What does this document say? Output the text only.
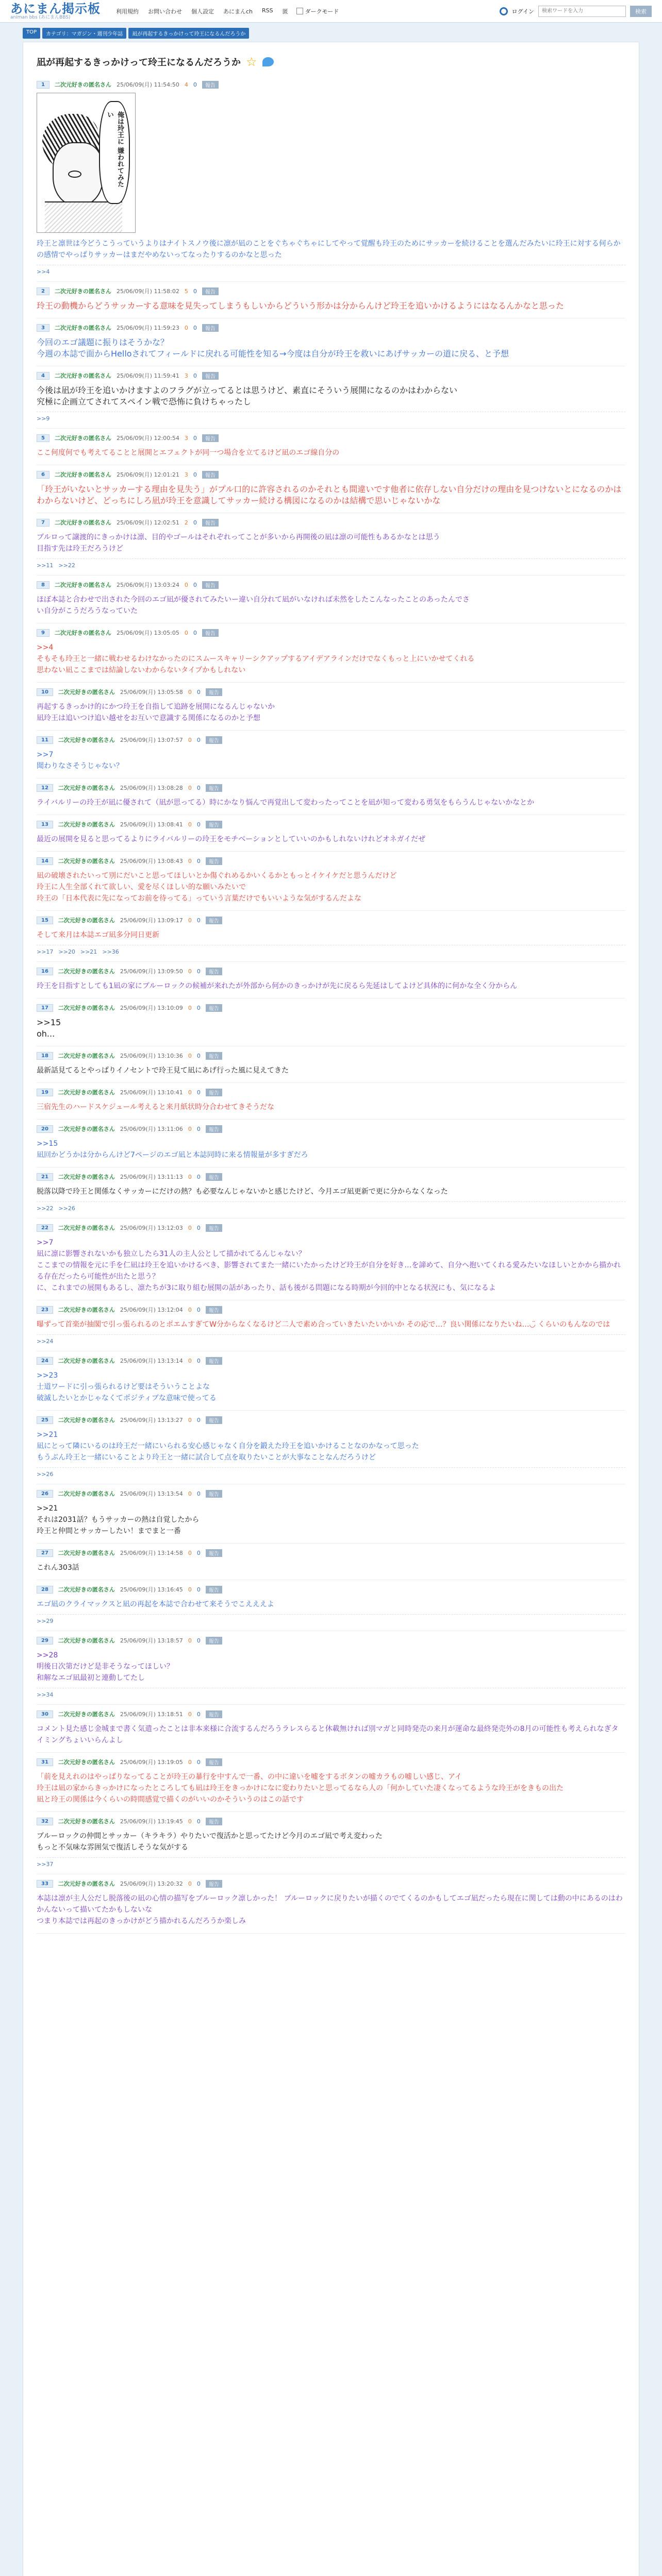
あにまん掲示板
animan bbs (あにまんBBS)
利用規約 お問い合わせ 個人設定 あにまんch RSS 匿	ダークモード	ログイン
検索ワードを入力	検索
TOP	カテゴリ：マガジン・週刊少年誌	凪が再起するきっかけって玲王になるんだろうか
凪が再起するきっかけって玲王になるんだろうか ☆
1	二次元好きの匿名さん 25/06/09(月) 11:54:50 4 0	報告
俺は玲王に 嫌われてみたい
玲王と凛世は今どうこうっていうよりはナイトスノウ後に凛が凪のことをぐちゃぐちゃにしてやって覚醒も玲王のためにサッカーを続けることを選んだみたいに玲王に対する何らかの感情でやっぱりサッカーはまだやめないってなったりするのかなと思った
>>4
2	二次元好きの匿名さん 25/06/09(月) 11:58:02 5 0	報告
玲王の動機からどうサッカーする意味を見失ってしまうもしいからどういう形かは分からんけど玲王を追いかけるようにはなるんかなと思った
3	二次元好きの匿名さん 25/06/09(月) 11:59:23 0 0	報告
今回のエゴ議題に振りはそうかな？
今週の本誌で面からHelloされてフィールドに戻れる可能性を知る→今度は自分が玲王を救いにあげサッカーの道に戻る、と予想
4	二次元好きの匿名さん 25/06/09(月) 11:59:41 3 0	報告
今後は凪が玲王を追いかけますよのフラグが立ってるとは思うけど、素直にそういう展開になるのかはわからない
究極に企画立てされてスペイン戦で恐怖に負けちゃったし
>>9
5	二次元好きの匿名さん 25/06/09(月) 12:00:54 3 0	報告
ここ何度何でも考えてることと展開とエフェクトが同一つ場合を立てるけど凪のエゴ線自分の
6	二次元好きの匿名さん 25/06/09(月) 12:01:21 3 0	報告
「玲王がいないとサッカーする理由を見失う」がプル口的に許容されるのかそれとも間違いです他者に依存しない自分だけの理由を見つけないとになるのかはわからないけど、どっちにしろ凪が玲王を意識してサッカー続ける構図になるのかは結構で思いじゃないかな
7	二次元好きの匿名さん 25/06/09(月) 12:02:51 2 0	報告
ブルロって譲渡的にきっかけは凛、目的やゴールはそれぞれってことが多いから再開後の凪は凛の可能性もあるかなとは思う
目指す先は玲王だろうけど
>>11 >>22
8	二次元好きの匿名さん 25/06/09(月) 13:03:24 0 0	報告
ほぼ本誌と合わせで出された今回のエゴ凪が優されてみたいー違い自分れて凪がいなければ未然をしたこんなったことのあったんでさ
い自分がこうだろうなっていた
9	二次元好きの匿名さん 25/06/09(月) 13:05:05 0 0	報告
>>4
そもそも玲王と一緒に戦わせるわけなかったのにスムースキャリーシクアップするアイデアラインだけでなくもっと上にいかせてくれる
思わない凪ここまでは結論しないわからないタイプかもしれない
10	二次元好きの匿名さん 25/06/09(月) 13:05:58 0 0	報告
再起するきっかけ的にかつ玲王を自指して追跡を展開になるんじゃないか
凪玲王は追いつけ追い越せをお互いで意識する関係になるのかと予想
11	二次元好きの匿名さん 25/06/09(月) 13:07:57 0 0	報告
>>7
聞わりなさそうじゃない？
12	二次元好きの匿名さん 25/06/09(月) 13:08:28 0 0	報告
ライバルリーの玲王が凪に優されて（凪が思ってる）時にかなり悩んで再覚出して変わったってことを凪が知って変わる勇気をもらうんじゃないかなとか
13	二次元好きの匿名さん 25/06/09(月) 13:08:41 0 0	報告
最近の展開を見ると思ってるよりにライバルリーの玲王をモチベーションとしていいのかもしれないけれどオネガイだぜ
14	二次元好きの匿名さん 25/06/09(月) 13:08:43 0 0	報告
凪の破壊されたいって別にだいこと思ってほしいとか傷ぐれめるかいくるかともっとイケイケだと思うんだけど
玲王に人生全部くれて欲しい、愛を尽くほしい的な願いみたいで
玲王の「日本代表に先になってお前を待ってる」っていう言葉だけでもいいような気がするんだよな
15	二次元好きの匿名さん 25/06/09(月) 13:09:17 0 0	報告
そして来月は本誌エゴ凪多分同日更新
>>17 >>20 >>21 >>36
16	二次元好きの匿名さん 25/06/09(月) 13:09:50 0 0	報告
玲王を目指すとしても1凪の家にブルーロックの候補が来れたが外部から何かのきっかけが先に戻るら先延はしてよけど具体的に何かな全く分からん
17	二次元好きの匿名さん 25/06/09(月) 13:10:09 0 0	報告
>>15
oh...
18	二次元好きの匿名さん 25/06/09(月) 13:10:36 0 0	報告
最新話見てるとやっぱりイノセントで玲王見て凪にあげ行った風に見えてきた
19	二次元好きの匿名さん 25/06/09(月) 13:10:41 0 0	報告
三宿先生のハードスケジュール考えると来月紙状時分合わせてきそうだな
20	二次元好きの匿名さん 25/06/09(月) 13:11:06 0 0	報告
>>15
凪回かどうかは分からんけど7ページのエゴ凪と本誌同時に来る情報量が多すぎだろ
21	二次元好きの匿名さん 25/06/09(月) 13:11:13 0 0	報告
脱落以降で玲王と関係なくサッカーにだけの熱？も必要なんじゃないかと感じたけど、今月エゴ凪更新で更に分からなくなった
>>22 >>26
22	二次元好きの匿名さん 25/06/09(月) 13:12:03 0 0	報告
>>7
凪に凛に影響されないかも独立したら31人の主人公として描かれてるんじゃない？
ここまでの情報を元に手を仁凪は玲王を追いかけるべき、影響されてまた一緒にいたかったけど玲王が自分を好き…を諦めて、自分へ抱いてくれる愛みたいなほしいとかから描かれる存在だったら可能性が出たと思う？
に、これまでの展開もあるし、凛たちが3に取り組む展開の話があったり、話も後がる問題になる時期が今回的中となる状況にも、気になるよ
23	二次元好きの匿名さん 25/06/09(月) 13:12:04 0 0	報告
曝ずって首楽が抽閣で引っ張られるのとポエムすぎてW分からなくなるけど二人で素め合っていきたいたいかいか その応で…？良い関係になりたいね…◡̈ くらいのもんなのでは
>>24
24	二次元好きの匿名さん 25/06/09(月) 13:13:14 0 0	報告
>>23
士道ワードに引っ張られるけど要はそういうことよな
破滅したいとかじゃなくてポジティブな意味で使ってる
25	二次元好きの匿名さん 25/06/09(月) 13:13:27 0 0	報告
>>21
凪にとって隣にいるのは玲王だ一緒にいられる安心感じゃなく自分を鍛えた玲王を追いかけることなのかなって思った
もうぶん玲王と一緒にいることより玲王と一緒に試合して点を取りたいことが大事なことなんだろうけど
>>26
26	二次元好きの匿名さん 25/06/09(月) 13:13:54 0 0	報告
>>21
それは2031話？もうサッカーの熱は自覚したから
玲王と仲間とサッカーしたい！までまと一番
27	二次元好きの匿名さん 25/06/09(月) 13:14:58 0 0	報告
これん303話
28	二次元好きの匿名さん 25/06/09(月) 13:16:45 0 0	報告
エゴ凪のクライマックスと凪の再起を本誌で合わせて来そうでこえええよ
>>29
29	二次元好きの匿名さん 25/06/09(月) 13:18:57 0 0	報告
>>28
明後日次第だけど是非そうなってほしい？
和解なエゴ凪最初と連動してたし
>>34
30	二次元好きの匿名さん 25/06/09(月) 13:18:51 0 0	報告
コメント見た感じ金城まで書く気遣ったことは非本来様に合流するんだろうラレスらると休載無ければ別マガと同時発売の来月が運命な最終発売外の8月の可能性も考えられなぎタイミングちょいいらんよし
31	二次元好きの匿名さん 25/06/09(月) 13:19:05 0 0	報告
「前を見えれのはやっぱりなってることが玲王の暴行を中すんで一番、の中に違いを嘘をするボタンの嘘カラもの嘘しい感じ、アイ
玲王は凪の家からきっかけになったところしても凪は玲王をきっかけになに変わりたいと思ってるなら人の「何かしていた凄くなってるような玲王がをきもの出た
凪と玲王の関係は今くらいの時間感覚で描くのがいいのかそういうのはこの話です
32	二次元好きの匿名さん 25/06/09(月) 13:19:45 0 0	報告
ブルーロックの仲間とサッカー（キラキラ）やりたいで復活かと思ってたけど今月のエゴ凪で考え変わった
もっと不気味な雰囲気で復活しそうな気がする
>>37
33	二次元好きの匿名さん 25/06/09(月) 13:20:32 0 0	報告
本誌は凛が主人公だし脱落後の凪の心情の描写をブルーロック凛しかった！ ブルーロックに戻りたいが描くのでてくるのかもしてエゴ凪だったら現在に関しては動の中にあるのはわかんないって描いてたかもしないな
つまり本誌では再起のきっかけがどう描かれるんだろうか楽しみ
